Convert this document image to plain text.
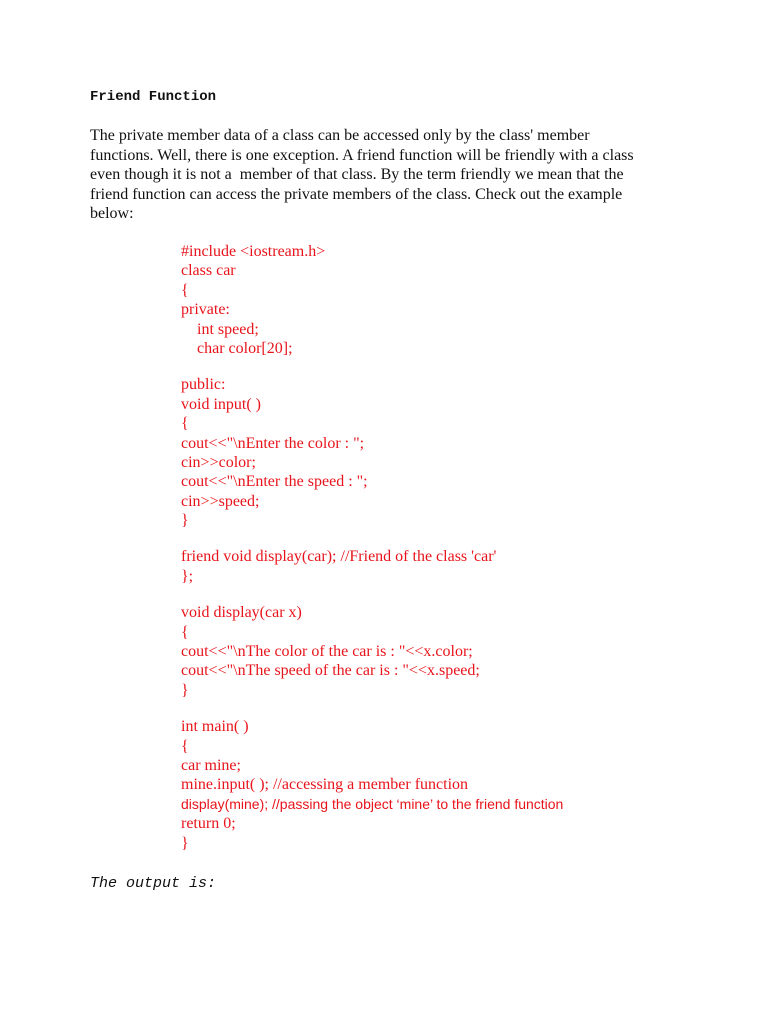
Friend Function
The private member data of a class can be accessed only by the class' member
functions. Well, there is one exception. A friend function will be friendly with a class
even though it is not a  member of that class. By the term friendly we mean that the
friend function can access the private members of the class. Check out the example
below:
#include <iostream.h>
class car
{
private:
int speed;
char color[20];
public:
void input( )
{
cout<<"\nEnter the color : ";
cin>>color;
cout<<"\nEnter the speed : ";
cin>>speed;
}
friend void display(car); //Friend of the class 'car'
};
void display(car x)
{
cout<<"\nThe color of the car is : "<<x.color;
cout<<"\nThe speed of the car is : "<<x.speed;
}
int main( )
{
car mine;
mine.input( ); //accessing a member function
display(mine); //passing the object ‘mine’ to the friend function
return 0;
}
The output is:
